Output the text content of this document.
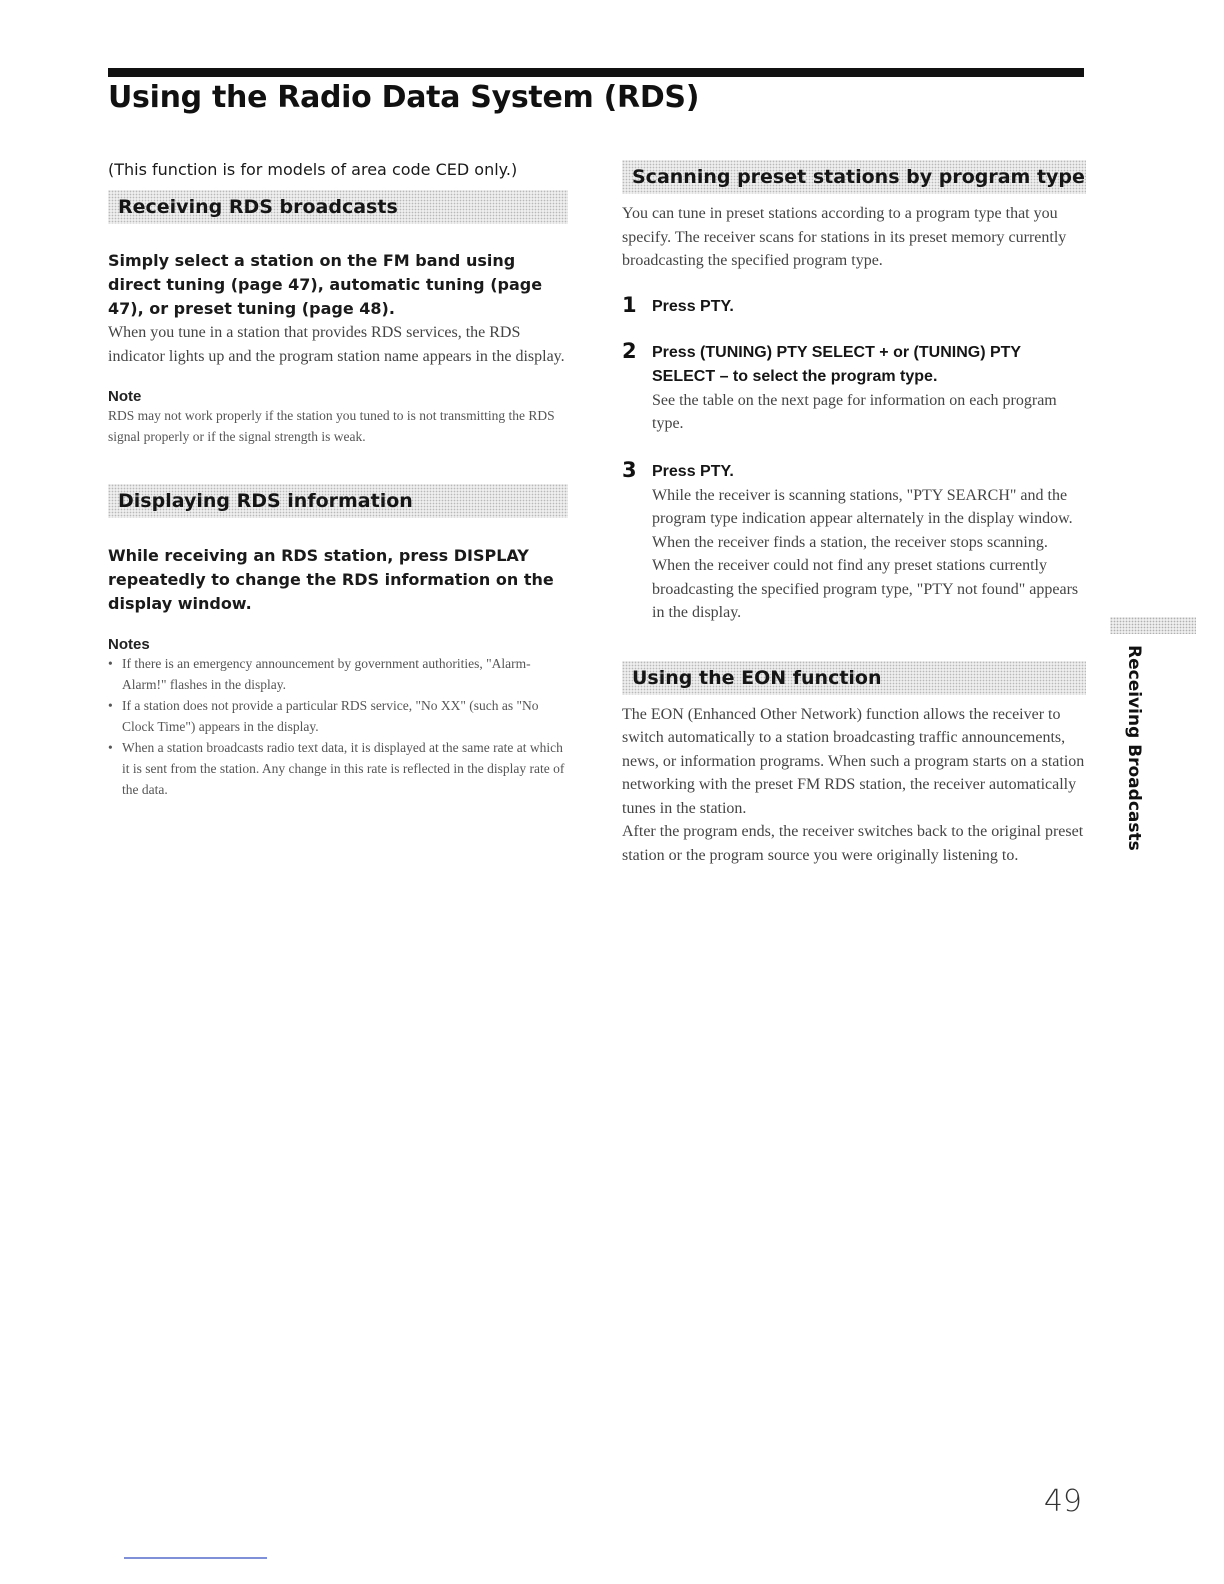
Using the Radio Data System (RDS)

(This function is for models of area code CED only.)

Receiving RDS broadcasts

Simply select a station on the FM band using direct tuning (page 47), automatic tuning (page 47), or preset tuning (page 48).

When you tune in a station that provides RDS services, the RDS indicator lights up and the program station name appears in the display.

Note

RDS may not work properly if the station you tuned to is not transmitting the RDS signal properly or if the signal strength is weak.

Displaying RDS information

While receiving an RDS station, press DISPLAY repeatedly to change the RDS information on the display window.

Notes

• If there is an emergency announcement by government authorities, "Alarm-Alarm!" flashes in the display.
• If a station does not provide a particular RDS service, "No XX" (such as "No Clock Time") appears in the display.
• When a station broadcasts radio text data, it is displayed at the same rate at which it is sent from the station. Any change in this rate is reflected in the display rate of the data.
Scanning preset stations by program type

You can tune in preset stations according to a program type that you specify. The receiver scans for stations in its preset memory currently broadcasting the specified program type.

1 Press PTY.

2 Press (TUNING) PTY SELECT + or (TUNING) PTY SELECT – to select the program type.

See the table on the next page for information on each program type.

3 Press PTY.

While the receiver is scanning stations, "PTY SEARCH" and the program type indication appear alternately in the display window.

When the receiver finds a station, the receiver stops scanning.

When the receiver could not find any preset stations currently broadcasting the specified program type, "PTY not found" appears in the display.

Using the EON function

The EON (Enhanced Other Network) function allows the receiver to switch automatically to a station broadcasting traffic announcements, news, or information programs. When such a program starts on a station networking with the preset FM RDS station, the receiver automatically tunes in the station.

After the program ends, the receiver switches back to the original preset station or the program source you were originally listening to.

Receiving Broadcasts
49
